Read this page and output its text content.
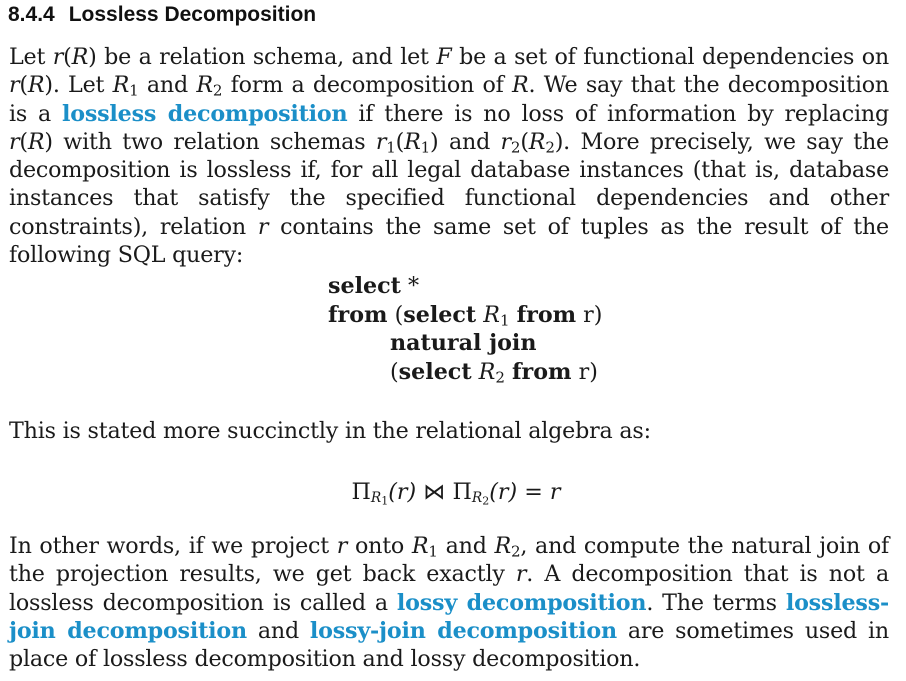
8.4.4 Lossless Decomposition
Let r(R) be a relation schema, and let F be a set of functional dependencies on r(R). Let $R_1$ and $R_2$ form a decomposition of R. We say that the decomposition is a lossless decomposition if there is no loss of information by replacing r(R) with two relation schemas $r_1(R_1)$ and $r_2(R_2)$. More precisely, we say the decomposition is lossless if, for all legal database instances (that is, database instances that satisfy the specified functional dependencies and other constraints), relation r contains the same set of tuples as the result of the following SQL query:
select *
from (select $R_1$ from r)
natural join
(select $R_2$ from r)
This is stated more succinctly in the relational algebra as:
$\Pi_{R_1}(r)$ ⋈ $\Pi_{R_2}(r) = r$
In other words, if we project r onto $R_1$ and $R_2$, and compute the natural join of the projection results, we get back exactly r. A decomposition that is not a lossless decomposition is called a lossy decomposition. The terms lossless-join decomposition and lossy-join decomposition are sometimes used in place of lossless decomposition and lossy decomposition.
